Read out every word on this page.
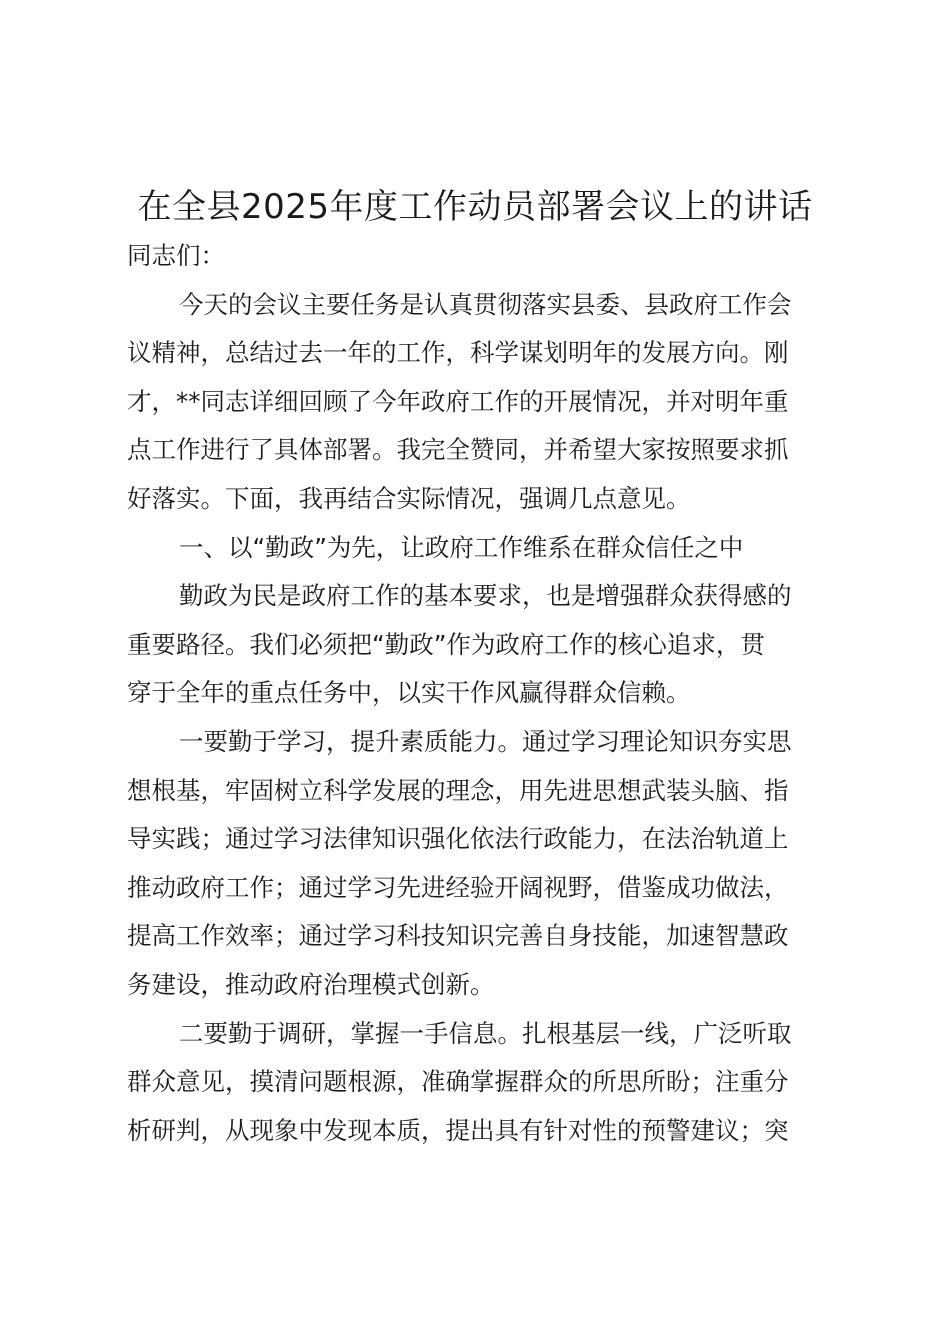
在全县2025年度工作动员部署会议上的讲话
同志们：
今天的会议主要任务是认真贯彻落实县委、县政府工作会
议精神，总结过去一年的工作，科学谋划明年的发展方向。刚
才，**同志详细回顾了今年政府工作的开展情况，并对明年重
点工作进行了具体部署。我完全赞同，并希望大家按照要求抓
好落实。下面，我再结合实际情况，强调几点意见。
一、以“勤政”为先，让政府工作维系在群众信任之中
勤政为民是政府工作的基本要求，也是增强群众获得感的
重要路径。我们必须把“勤政”作为政府工作的核心追求，贯
穿于全年的重点任务中，以实干作风赢得群众信赖。
一要勤于学习，提升素质能力。通过学习理论知识夯实思
想根基，牢固树立科学发展的理念，用先进思想武装头脑、指
导实践；通过学习法律知识强化依法行政能力，在法治轨道上
推动政府工作；通过学习先进经验开阔视野，借鉴成功做法，
提高工作效率；通过学习科技知识完善自身技能，加速智慧政
务建设，推动政府治理模式创新。
二要勤于调研，掌握一手信息。扎根基层一线，广泛听取
群众意见，摸清问题根源，准确掌握群众的所思所盼；注重分
析研判，从现象中发现本质，提出具有针对性的预警建议；突
